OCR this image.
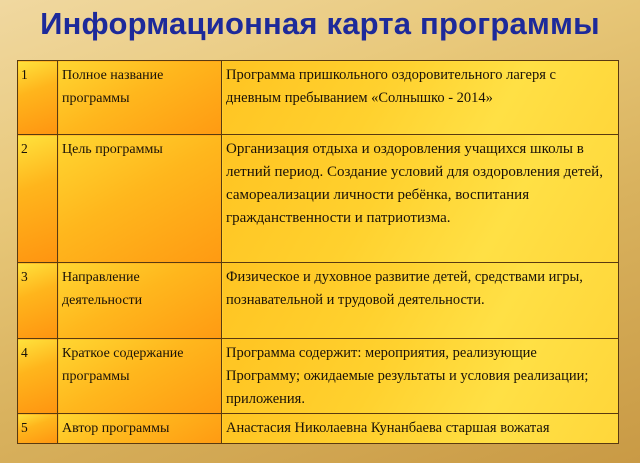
Информационная карта программы
1	Полное название программы	Программа пришкольного оздоровительного лагеря с дневным пребыванием «Солнышко - 2014»
2	Цель программы	Организация отдыха и оздоровления учащихся школы в летний период. Создание условий для оздоровления детей, самореализации личности ребёнка, воспитания гражданственности и патриотизма.
3	Направление деятельности	Физическое и духовное развитие детей, средствами игры, познавательной и трудовой деятельности.
4	Краткое содержание программы	Программа содержит: мероприятия, реализующие Программу; ожидаемые результаты и условия реализации; приложения.
5	Автор программы	Анастасия Николаевна Кунанбаева старшая вожатая
